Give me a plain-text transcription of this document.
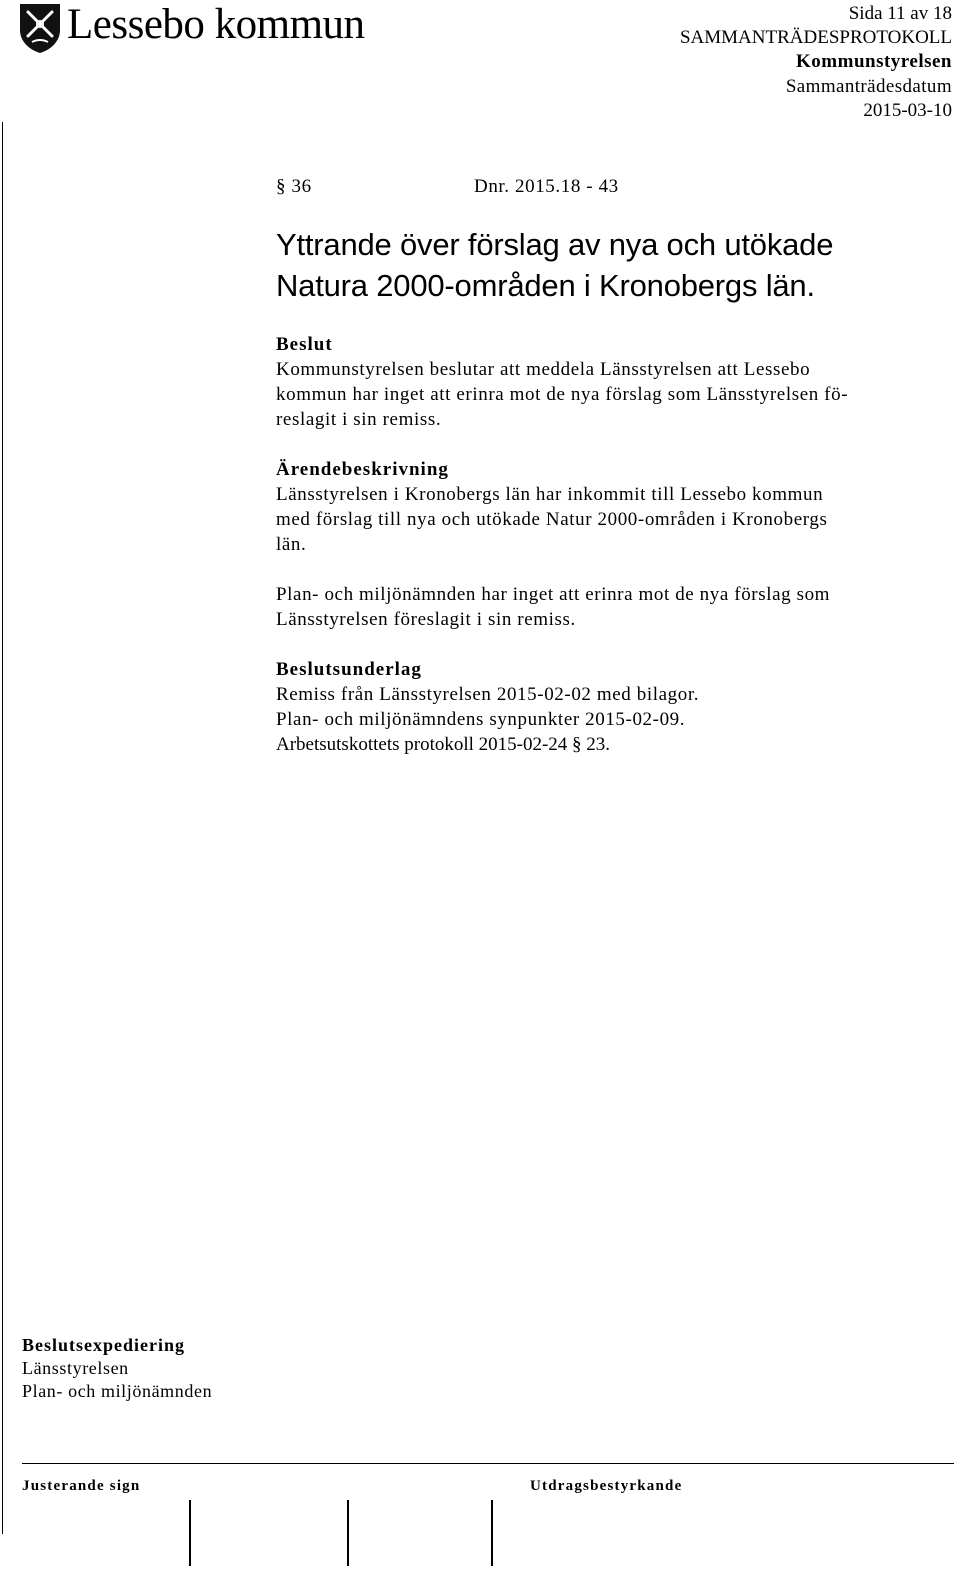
Lessebo kommun	Sida 11 av 18
SAMMANTRÄDESPROTOKOLL
Kommunstyrelsen
Sammanträdesdatum
2015-03-10
§ 36	Dnr. 2015.18 - 43
Yttrande över förslag av nya och utökade
Natura 2000-områden i Kronobergs län.
Beslut
Kommunstyrelsen beslutar att meddela Länsstyrelsen att Lessebo
kommun har inget att erinra mot de nya förslag som Länsstyrelsen fö-
reslagit i sin remiss.
Ärendebeskrivning
Länsstyrelsen i Kronobergs län har inkommit till Lessebo kommun
med förslag till nya och utökade Natur 2000-områden i Kronobergs
län.
Plan- och miljönämnden har inget att erinra mot de nya förslag som
Länsstyrelsen föreslagit i sin remiss.
Beslutsunderlag
Remiss från Länsstyrelsen 2015-02-02 med bilagor.
Plan- och miljönämndens synpunkter 2015-02-09.
Arbetsutskottets protokoll 2015-02-24 § 23.
Beslutsexpediering
Länsstyrelsen
Plan- och miljönämnden
Justerande sign	Utdragsbestyrkande
